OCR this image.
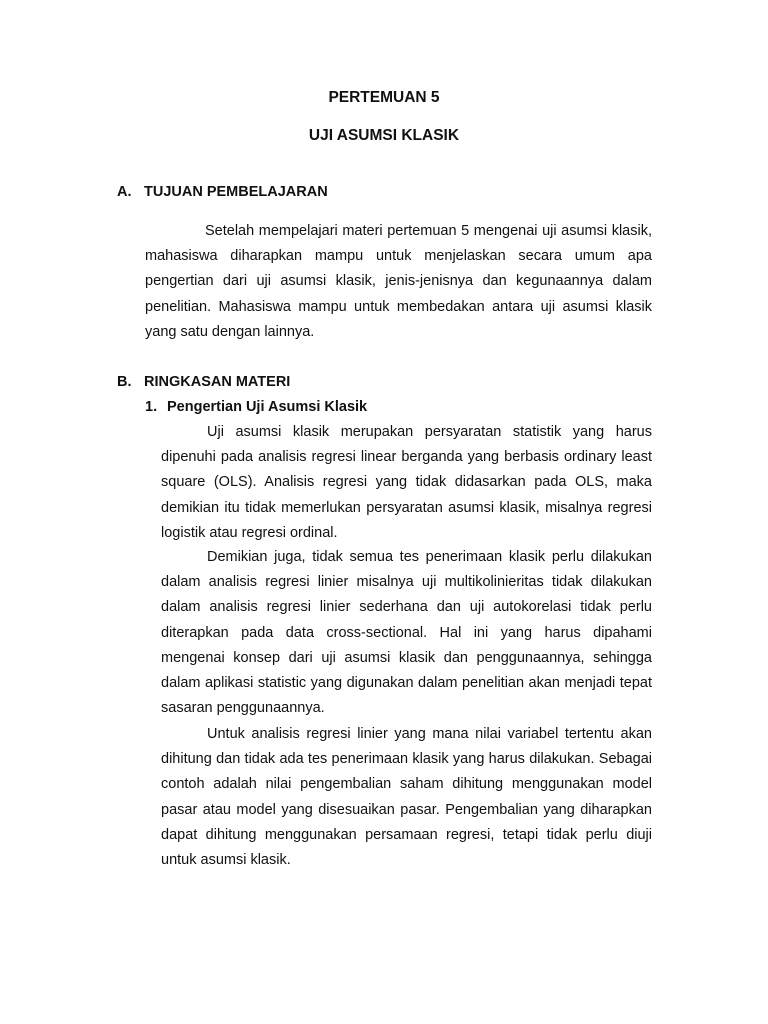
PERTEMUAN 5
UJI ASUMSI KLASIK
A. TUJUAN PEMBELAJARAN

Setelah mempelajari materi pertemuan 5 mengenai uji asumsi klasik, mahasiswa diharapkan mampu untuk menjelaskan secara umum apa pengertian dari uji asumsi klasik, jenis-jenisnya dan kegunaannya dalam penelitian. Mahasiswa mampu untuk membedakan antara uji asumsi klasik yang satu dengan lainnya.

B. RINGKASAN MATERI
1. Pengertian Uji Asumsi Klasik

Uji asumsi klasik merupakan persyaratan statistik yang harus dipenuhi pada analisis regresi linear berganda yang berbasis ordinary least square (OLS). Analisis regresi yang tidak didasarkan pada OLS, maka demikian itu tidak memerlukan persyaratan asumsi klasik, misalnya regresi logistik atau regresi ordinal.

Demikian juga, tidak semua tes penerimaan klasik perlu dilakukan dalam analisis regresi linier misalnya uji multikolinieritas tidak dilakukan dalam analisis regresi linier sederhana dan uji autokorelasi tidak perlu diterapkan pada data cross-sectional. Hal ini yang harus dipahami mengenai konsep dari uji asumsi klasik dan penggunaannya, sehingga dalam aplikasi statistic yang digunakan dalam penelitian akan menjadi tepat sasaran penggunaannya.

Untuk analisis regresi linier yang mana nilai variabel tertentu akan dihitung dan tidak ada tes penerimaan klasik yang harus dilakukan. Sebagai contoh adalah nilai pengembalian saham dihitung menggunakan model pasar atau model yang disesuaikan pasar. Pengembalian yang diharapkan dapat dihitung menggunakan persamaan regresi, tetapi tidak perlu diuji untuk asumsi klasik.
